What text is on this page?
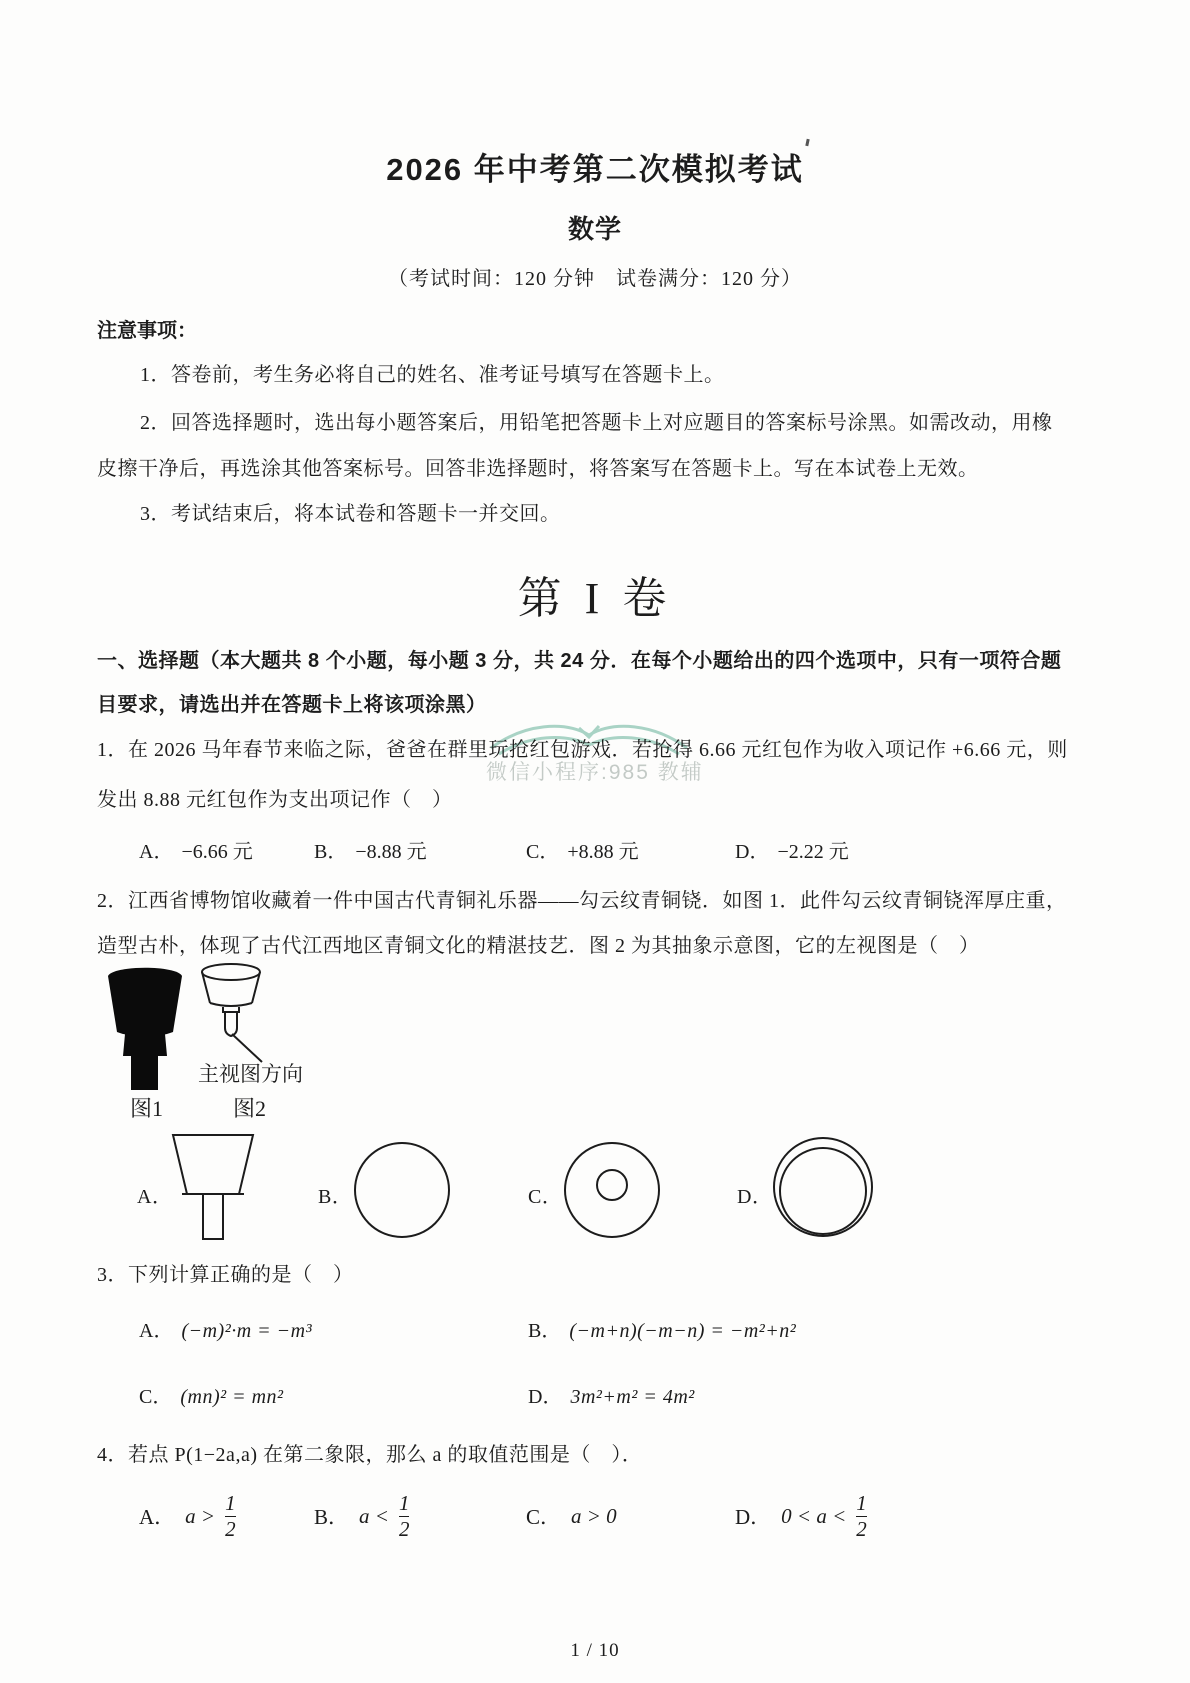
微信小程序:985 教辅
2026 年中考第二次模拟考试
数学
（考试时间：120 分钟　试卷满分：120 分）
注意事项：
1．答卷前，考生务必将自己的姓名、准考证号填写在答题卡上。
2．回答选择题时，选出每小题答案后，用铅笔把答题卡上对应题目的答案标号涂黑。如需改动，用橡
皮擦干净后，再选涂其他答案标号。回答非选择题时，将答案写在答题卡上。写在本试卷上无效。
3．考试结束后，将本试卷和答题卡一并交回。
第 I 卷
一、选择题（本大题共 8 个小题，每小题 3 分，共 24 分．在每个小题给出的四个选项中，只有一项符合题
目要求，请选出并在答题卡上将该项涂黑）
1．在 2026 马年春节来临之际，爸爸在群里玩抢红包游戏．若抢得 6.66 元红包作为收入项记作 +6.66 元，则
发出 8.88 元红包作为支出项记作（　）
A． −6.66 元	B． −8.88 元	C． +8.88 元	D． −2.22 元
2．江西省博物馆收藏着一件中国古代青铜礼乐器——勾云纹青铜铙．如图 1．此件勾云纹青铜铙浑厚庄重，
造型古朴，体现了古代江西地区青铜文化的精湛技艺．图 2 为其抽象示意图，它的左视图是（　）
主视图方向
图1	图2
A．	B．	C．	D．
3．下列计算正确的是（　）
A． (−m)²·m = −m³	B． (−m+n)(−m−n) = −m²+n²
C． (mn)² = mn²	D． 3m²+m² = 4m²
4．若点 P(1−2a,a) 在第二象限，那么 a 的取值范围是（　）．
A． $a > \frac{1}{2}$	B． $a < \frac{1}{2}$	C． a > 0	D． $0 < a < \frac{1}{2}$
1 / 10
